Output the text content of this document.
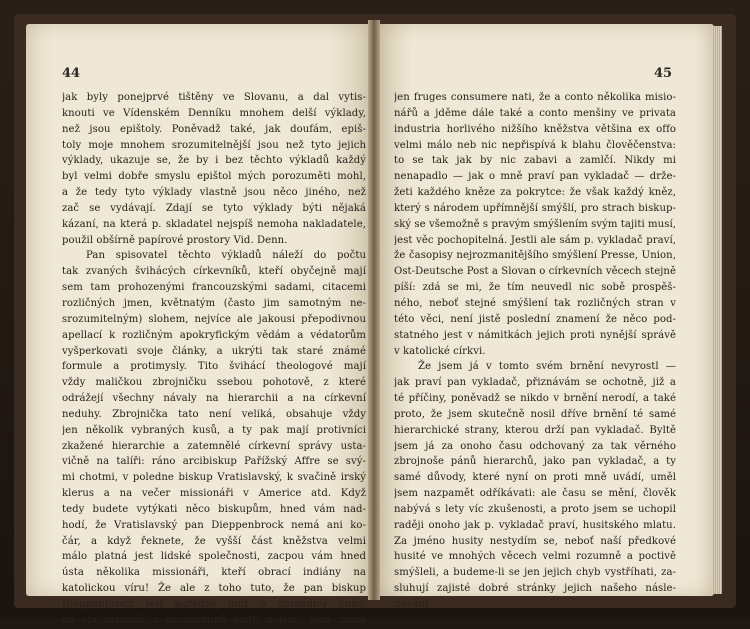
44	45
jak byly ponejprvé tištěny ve Slovanu, a dal vytis-
knouti ve Vídenském Denníku mnohem delší výklady,
než jsou epištoly. Poněvadž také, jak doufám, epiš-
toly moje mnohem srozumitelnější jsou než tyto jejich
výklady, ukazuje se, že by i bez těchto výkladů každý
byl velmi dobře smyslu epištol mých porozuměti mohl,
a že tedy tyto výklady vlastně jsou něco jiného, než
zač se vydávají. Zdají se tyto výklady býti nějaká
kázaní, na která p. skladatel nejspíš nemoha nakladatele,
použil obšírně papírové prostory Vid. Denn.
Pan spisovatel těchto výkladů náleží do počtu
tak zvaných švihácých církevníků, kteří obyčejně mají
sem tam prohozenými francouzskými sadami, citacemi
rozličných jmen, květnatým (často jim samotným ne-
srozumitelným) slohem, nejvíce ale jakousi přepodivnou
apellací k rozličným apokryfickým vědám a védatorům
vyšperkovati svoje články, a ukrýti tak staré známé
formule a protimysly. Tito švihácí theologové mají
vždy maličkou zbrojničku ssebou pohotově, z které
odrážejí všechny návaly na hierarchii a na církevní
neduhy. Zbrojnička tato není veliká, obsahuje vždy
jen několik vybraných kusů, a ty pak mají protivníci
zkažené hierarchie a zatemnělé církevní správy usta-
vičně na talíři: ráno arcibiskup Pařížský Affre se svý-
mi chotmi, v poledne biskup Vratislavský, k svačině irský
klerus a na večer missionáři v Americe atd. Když
tedy budete vytýkati něco biskupům, hned vám nad-
hodí, že Vratislavský pan Dieppenbrock nemá ani ko-
čár, a když řeknete, že vyšší část kněžstva velmi
málo platná jest lidské společnosti, zacpou vám hned
ústa několika missionáři, kteří obrací indiány na
katolickou víru! Že ale z toho tuto, že pan biskup
Dieppenbrock jest pořádný muž a opravdivý kněz,
na sta biskupů a arcibiskupů jestli nejsou, jsou zhola
jen fruges consumere nati, že a conto několika misio-
nářů a jděme dále také a conto menšiny ve privata
industria horlivého nižšího kněžstva většina ex offo
velmi málo neb nic nepřispívá k blahu člověčenstva:
to se tak jak by nic zabavi a zamlčí. Nikdy mi
nenapadlo — jak o mně praví pan vykladač — drže-
žeti každého kněze za pokrytce: že však každý kněz,
který s národem upřímnější smýšlí, pro strach biskup-
ský se všemožně s pravým smýšlením svým tajiti musí,
jest věc pochopitelná. Jestli ale sám p. vykladač praví,
že časopisy nejrozmanitějšího smýšlení Presse, Union,
Ost-Deutsche Post a Slovan o církevních věcech stejně
píší: zdá se mi, že tím neuvedl nic sobě prospěš-
ného, neboť stejné smýšlení tak rozličných stran v
této věci, není jistě poslední znamení že něco pod-
statného jest v námitkách jejich proti nynější správě
v katolické církvi.
Že jsem já v tomto svém brnění nevyrostl —
jak praví pan vykladač, přiznávám se ochotně, již a
té příčiny, poněvadž se nikdo v brnění nerodí, a také
proto, že jsem skutečně nosil dříve brnění té samé
hierarchické strany, kterou drží pan vykladač. Byltě
jsem já za onoho času odchovaný za tak věrného
zbrojnoše pánů hierarchů, jako pan vykladač, a ty
samé důvody, které nyní on proti mně uvádí, uměl
jsem nazpamět odříkávati: ale času se mění, člověk
nabývá s lety víc zkušenosti, a proto jsem se uchopil
raději onoho jak p. vykladač praví, husitského mlatu.
Za jméno husity nestydím se, neboť naší předkové
husité ve mnohých věcech velmi rozumně a poctivě
smýšleli, a budeme-li se jen jejich chyb vystříhati, za-
sluhují zajisté dobré stránky jejich našeho násle-
dování.
